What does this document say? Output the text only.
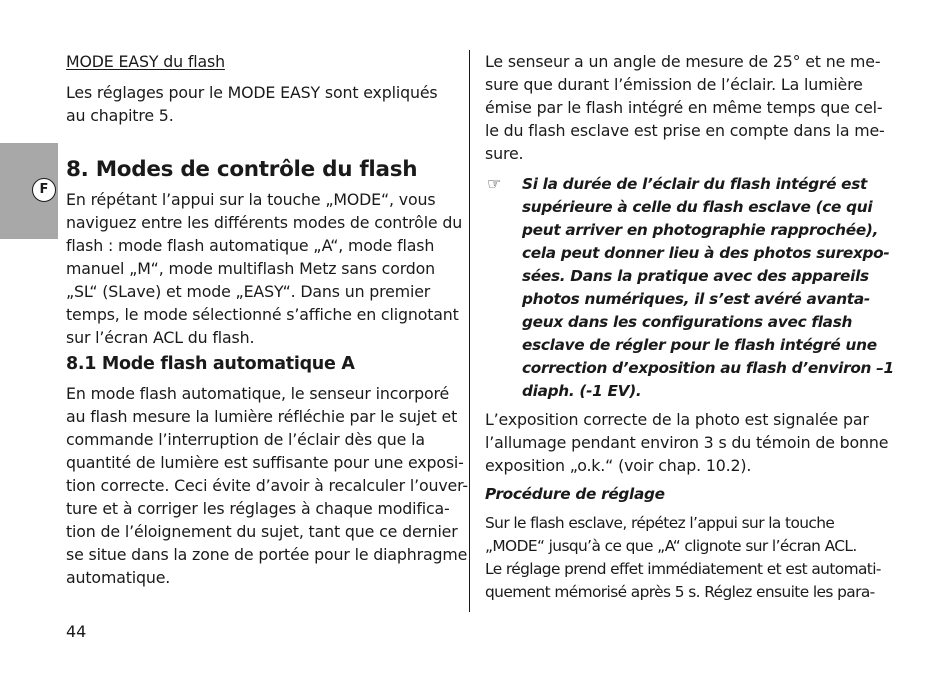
F
MODE EASY du flash
Les réglages pour le MODE EASY sont expliqués
au chapitre 5.
8. Modes de contrôle du flash
En répétant l’appui sur la touche „MODE“, vous
naviguez entre les différents modes de contrôle du
flash : mode flash automatique „A“, mode flash
manuel „M“, mode multiflash Metz sans cordon
„SL“ (SLave) et mode „EASY“. Dans un premier
temps, le mode sélectionné s’affiche en clignotant
sur l’écran ACL du flash.
8.1 Mode flash automatique A
En mode flash automatique, le senseur incorporé
au flash mesure la lumière réfléchie par le sujet et
commande l’interruption de l’éclair dès que la
quantité de lumière est suffisante pour une exposi-
tion correcte. Ceci évite d’avoir à recalculer l’ouver-
ture et à corriger les réglages à chaque modifica-
tion de l’éloignement du sujet, tant que ce dernier
se situe dans la zone de portée pour le diaphragme
automatique.
Le senseur a un angle de mesure de 25° et ne me-
sure que durant l’émission de l’éclair. La lumière
émise par le flash intégré en même temps que cel-
le du flash esclave est prise en compte dans la me-
sure.
☞ Si la durée de l’éclair du flash intégré est
supérieure à celle du flash esclave (ce qui
peut arriver en photographie rapprochée),
cela peut donner lieu à des photos surexpo-
sées. Dans la pratique avec des appareils
photos numériques, il s’est avéré avanta-
geux dans les configurations avec flash
esclave de régler pour le flash intégré une
correction d’exposition au flash d’environ –1
diaph. (-1 EV).
L’exposition correcte de la photo est signalée par
l’allumage pendant environ 3 s du témoin de bonne
exposition „o.k.“ (voir chap. 10.2).
Procédure de réglage
Sur le flash esclave, répétez l’appui sur la touche
„MODE“ jusqu’à ce que „A“ clignote sur l’écran ACL.
Le réglage prend effet immédiatement et est automati-
quement mémorisé après 5 s. Réglez ensuite les para-
44
